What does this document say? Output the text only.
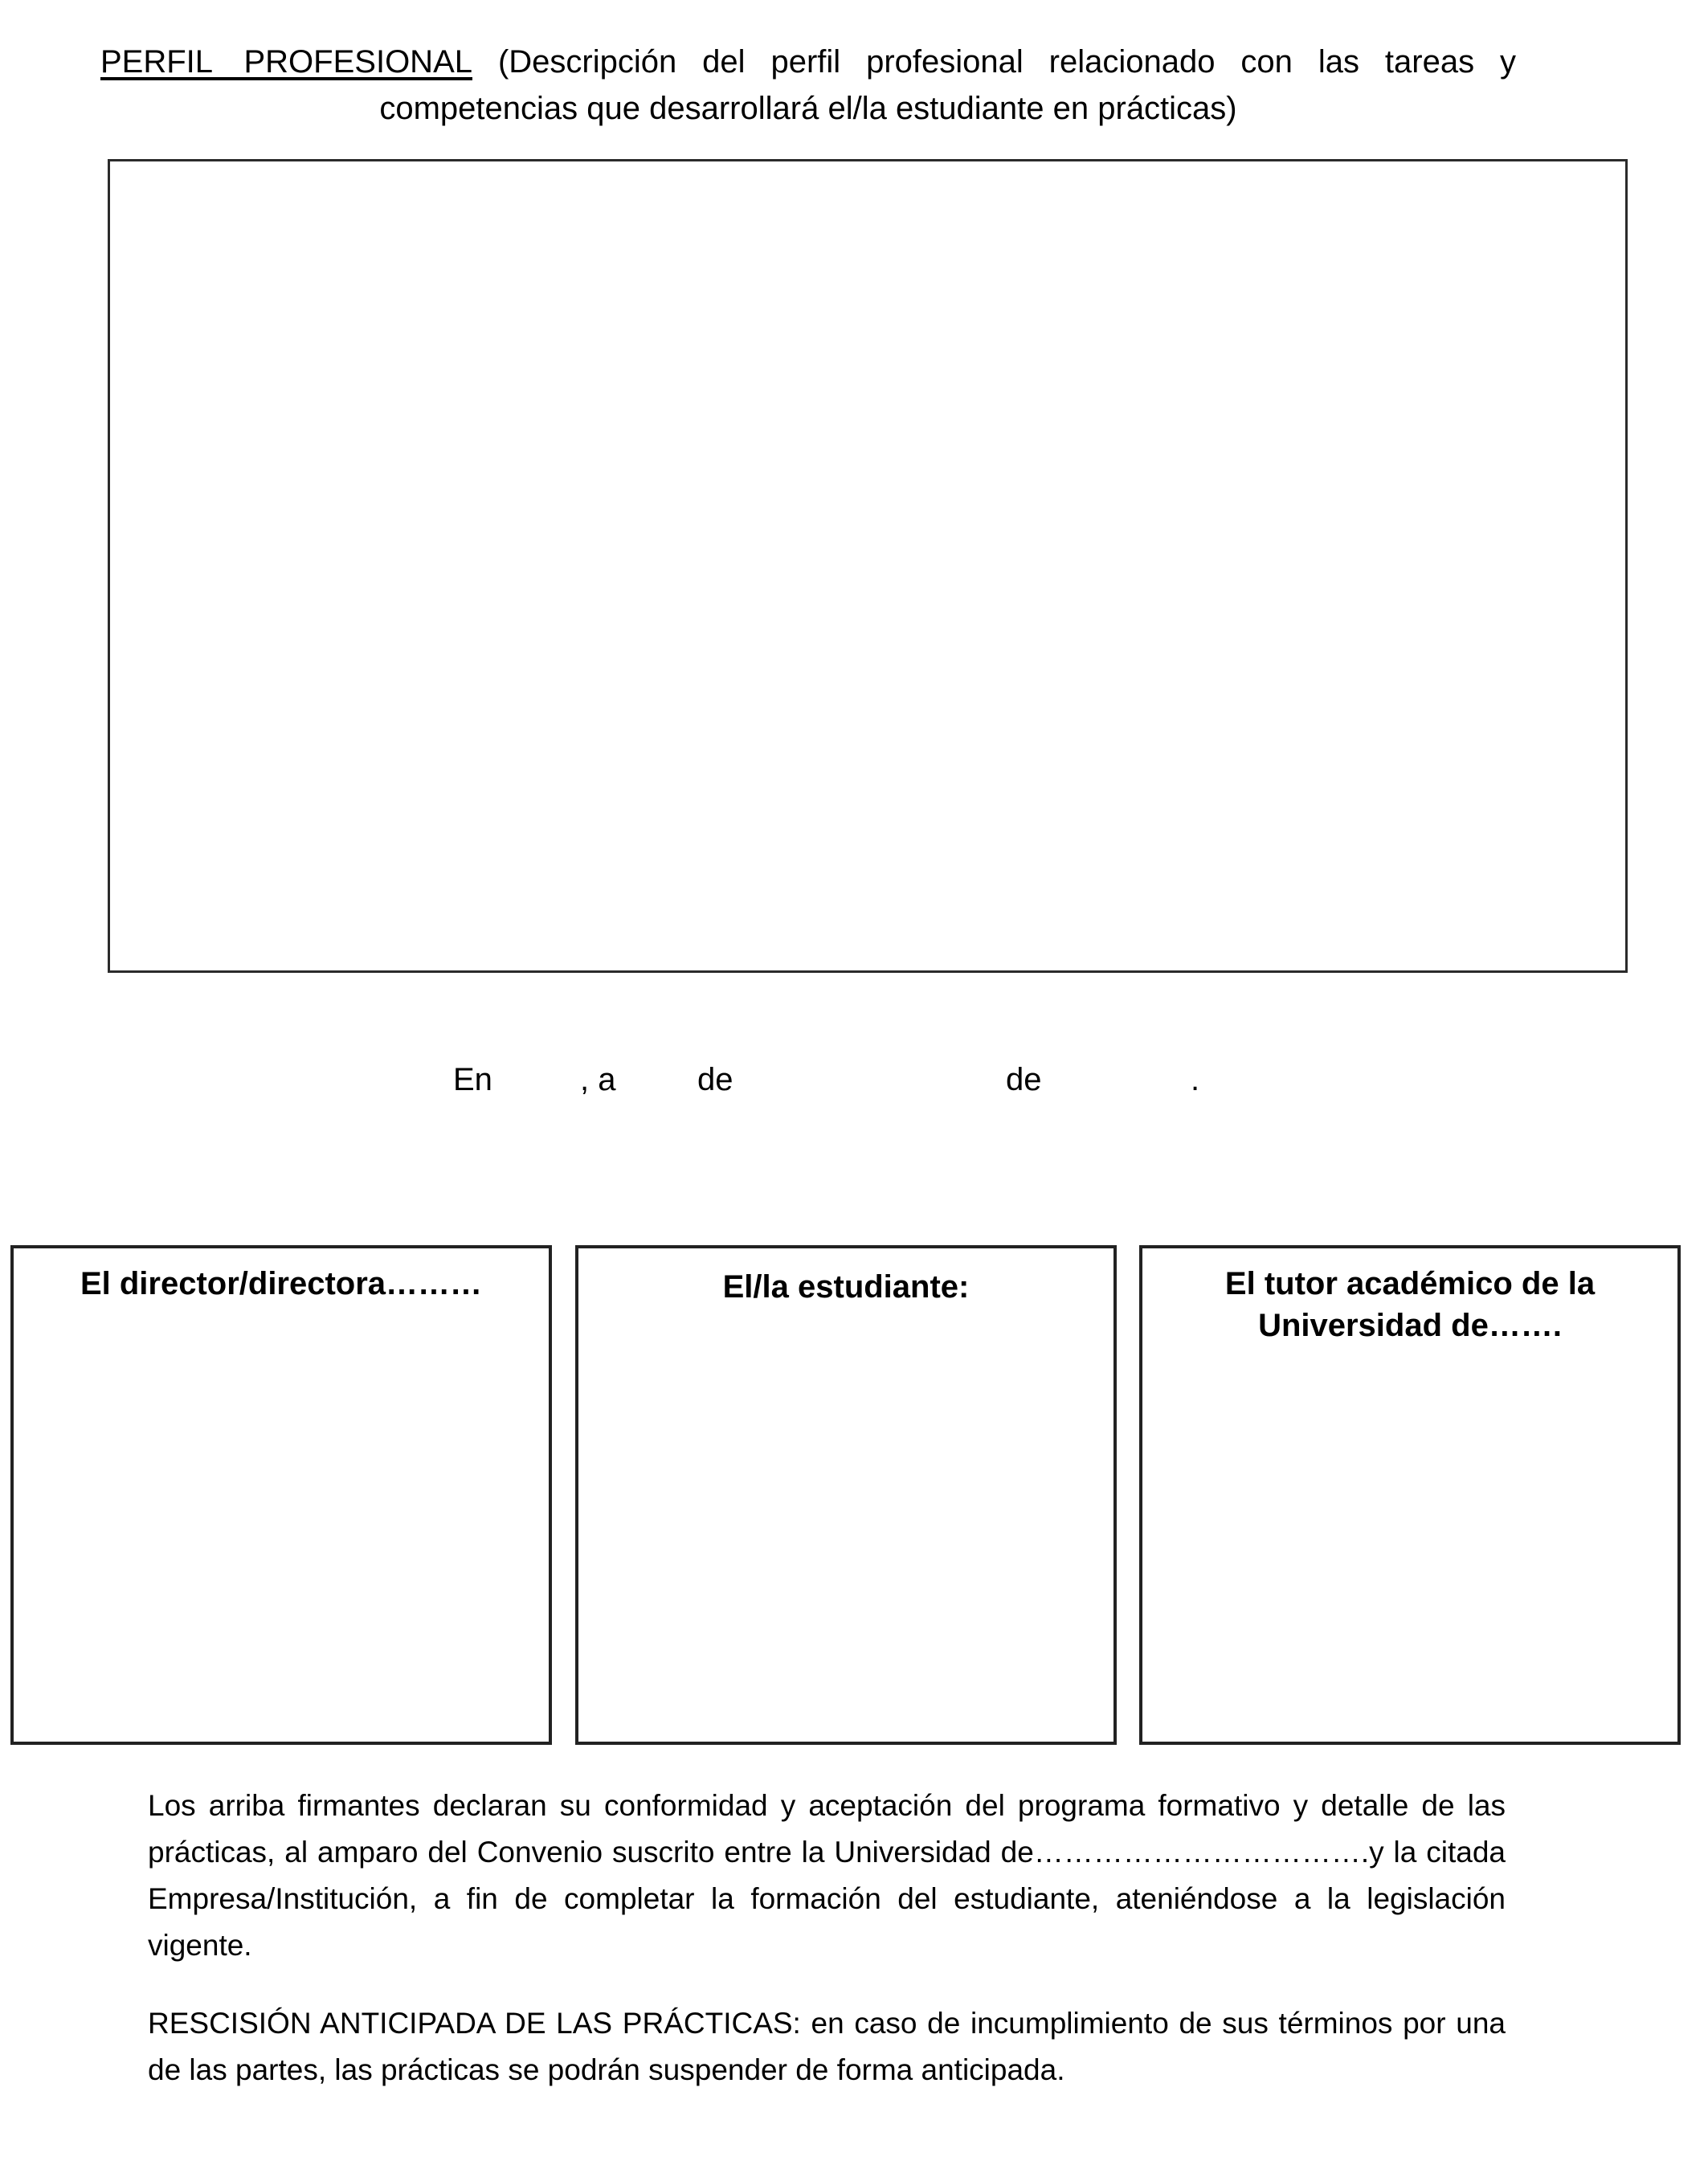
PERFIL PROFESIONAL (Descripción del perfil profesional relacionado con las tareas y competencias que desarrollará el/la estudiante en prácticas)
En	, a	de	de	.
El director/directora………	El/la estudiante:	El tutor académico de la Universidad de…….
Los arriba firmantes declaran su conformidad y aceptación del programa formativo y detalle de las prácticas, al amparo del Convenio suscrito entre la Universidad de…………………………….y la citada Empresa/Institución, a fin de completar la formación del estudiante, ateniéndose a la legislación vigente.
RESCISIÓN ANTICIPADA DE LAS PRÁCTICAS: en caso de incumplimiento de sus términos por una de las partes, las prácticas se podrán suspender de forma anticipada.
